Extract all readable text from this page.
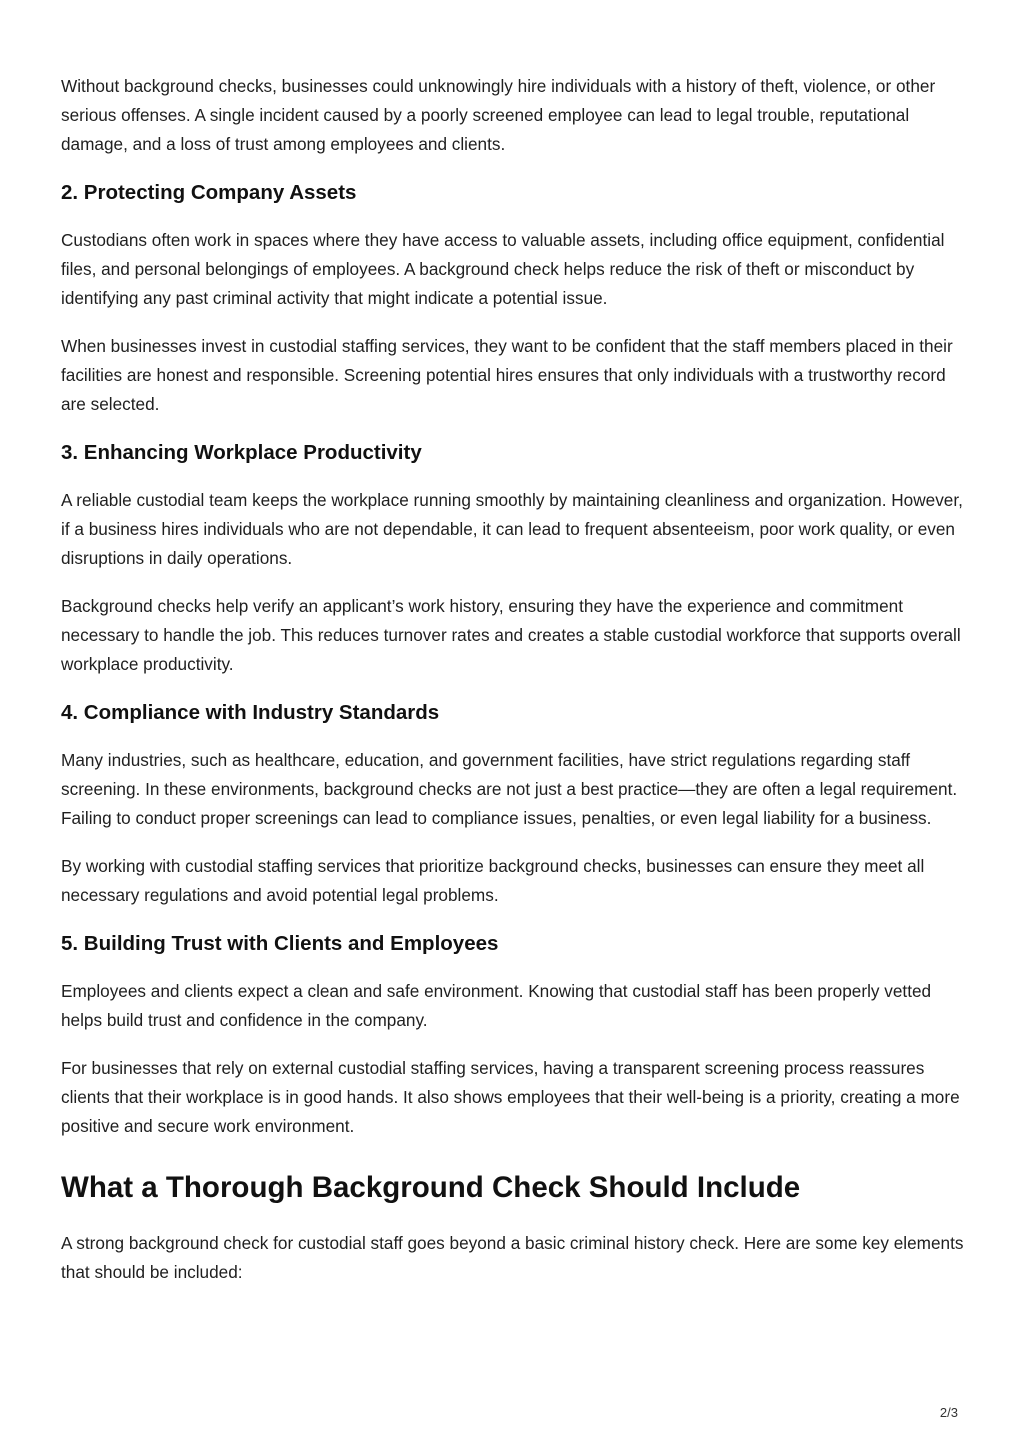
Without background checks, businesses could unknowingly hire individuals with a history of theft, violence, or other serious offenses. A single incident caused by a poorly screened employee can lead to legal trouble, reputational damage, and a loss of trust among employees and clients.

2. Protecting Company Assets

Custodians often work in spaces where they have access to valuable assets, including office equipment, confidential files, and personal belongings of employees. A background check helps reduce the risk of theft or misconduct by identifying any past criminal activity that might indicate a potential issue.

When businesses invest in custodial staffing services, they want to be confident that the staff members placed in their facilities are honest and responsible. Screening potential hires ensures that only individuals with a trustworthy record are selected.

3. Enhancing Workplace Productivity

A reliable custodial team keeps the workplace running smoothly by maintaining cleanliness and organization. However, if a business hires individuals who are not dependable, it can lead to frequent absenteeism, poor work quality, or even disruptions in daily operations.

Background checks help verify an applicant’s work history, ensuring they have the experience and commitment necessary to handle the job. This reduces turnover rates and creates a stable custodial workforce that supports overall workplace productivity.

4. Compliance with Industry Standards

Many industries, such as healthcare, education, and government facilities, have strict regulations regarding staff screening. In these environments, background checks are not just a best practice—they are often a legal requirement. Failing to conduct proper screenings can lead to compliance issues, penalties, or even legal liability for a business.

By working with custodial staffing services that prioritize background checks, businesses can ensure they meet all necessary regulations and avoid potential legal problems.

5. Building Trust with Clients and Employees

Employees and clients expect a clean and safe environment. Knowing that custodial staff has been properly vetted helps build trust and confidence in the company.

For businesses that rely on external custodial staffing services, having a transparent screening process reassures clients that their workplace is in good hands. It also shows employees that their well-being is a priority, creating a more positive and secure work environment.

What a Thorough Background Check Should Include

A strong background check for custodial staff goes beyond a basic criminal history check. Here are some key elements that should be included:

2/3
